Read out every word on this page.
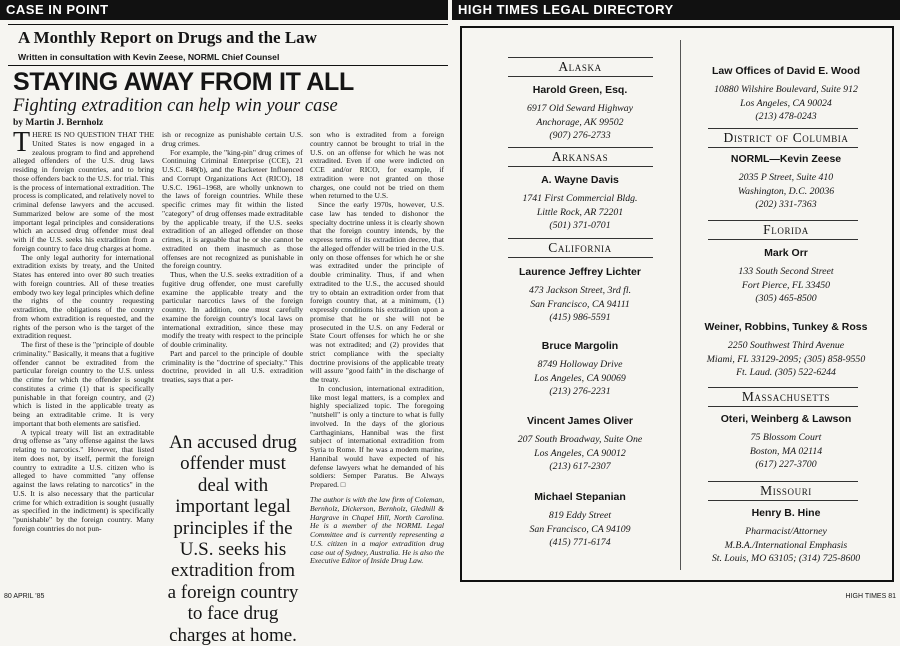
CASE IN POINT	HIGH TIMES LEGAL DIRECTORY
A Monthly Report on Drugs and the Law
Written in consultation with Kevin Zeese, NORML Chief Counsel
STAYING AWAY FROM IT ALL
Fighting extradition can help win your case
by Martin J. Bernholz

THERE IS NO QUESTION THAT THE United States is now engaged in a zealous program to find and apprehend alleged offenders of the U.S. drug laws residing in foreign countries, and to bring those offenders back to the U.S. for trial. This is the process of international extradition. The process is complicated, and relatively novel to criminal defense lawyers and the accused. Summarized below are some of the most important legal principles and considerations which an accused drug offender must deal with if the U.S. seeks his extradition from a foreign country to face drug charges at home.

The only legal authority for international extradition exists by treaty, and the United States has entered into over 80 such treaties with foreign countries. All of these treaties embody two key legal principles which define the rights of the country requesting extradition, the obligations of the country from whom extradition is requested, and the rights of the person who is the target of the extradition request.

The first of these is the "principle of double criminality." Basically, it means that a fugitive offender cannot be extradited from the particular foreign country to the U.S. unless the crime for which the offender is sought constitutes a crime (1) that is specifically punishable in that foreign country, and (2) which is listed in the applicable treaty as being an extraditable crime. It is very important that both elements are satisfied.

A typical treaty will list an extraditable drug offense as "any offense against the laws relating to narcotics." However, that listed item does not, by itself, permit the foreign country to extradite a U.S. citizen who is alleged to have committed "any offense against the laws relating to narcotics" in the U.S. It is also necessary that the particular crime for which extradition is sought (usually as specified in the indictment) is specifically "punishable" by the foreign country. Many foreign countries do not pun-

ish or recognize as punishable certain U.S. drug crimes.

For example, the "king-pin" drug crimes of Continuing Criminal Enterprise (CCE), 21 U.S.C. 848(b), and the Racketeer Influenced and Corrupt Organizations Act (RICO), 18 U.S.C. 1961–1968, are wholly unknown to the laws of foreign countries. While these specific crimes may fit within the listed "category" of drug offenses made extraditable by the applicable treaty, if the U.S. seeks extradition of an alleged offender on those crimes, it is arguable that he or she cannot be extradited on them inasmuch as those offenses are not recognized as punishable in the foreign country.

Thus, when the U.S. seeks extradition of a fugitive drug offender, one must carefully examine the applicable treaty and the particular narcotics laws of the foreign country. In addition, one must carefully examine the foreign country's local laws on international extradition, since these may modify the treaty with respect to the principle of double criminality.

Part and parcel to the principle of double criminality is the "doctrine of specialty." This doctrine, provided in all U.S. extradition treaties, says that a per-

An accused drug offender must deal with important legal principles if the U.S. seeks his extradition from a foreign country to face drug charges at home.

son who is extradited from a foreign country cannot be brought to trial in the U.S. on an offense for which he was not extradited. Even if one were indicted on CCE and/or RICO, for example, if extradition were not granted on those charges, one could not be tried on them when returned to the U.S.

Since the early 1970s, however, U.S. case law has tended to dishonor the specialty doctrine unless it is clearly shown that the foreign country intends, by the express terms of its extradition decree, that the alleged offender will be tried in the U.S. only on those offenses for which he or she was extradited under the principle of double criminality. Thus, if and when extradited to the U.S., the accused should try to obtain an extradition order from that foreign country that, at a minimum, (1) expressly conditions his extradition upon a promise that he or she will not be prosecuted in the U.S. on any Federal or State Court offenses for which he or she was not extradited; and (2) provides that strict compliance with the specialty doctrine provisions of the applicable treaty will assure "good faith" in the discharge of the treaty.

In conclusion, international extradition, like most legal matters, is a complex and highly specialized topic. The foregoing "nutshell" is only a tincture to what is fully involved. In the days of the glorious Carthaginians, Hannibal was the first subject of international extradition from Syria to Rome. If he was a modern marine, Hannibal would have expected of his defense lawyers what he demanded of his soldiers: Semper Paratus. Be Always Prepared. □

The author is with the law firm of Coleman, Bernholz, Dickerson, Bernholz, Gledhill & Hargrave in Chapel Hill, North Carolina. He is a member of the NORML Legal Committee and is currently representing a U.S. citizen in a major extradition drug case out of Sydney, Australia. He is also the Executive Editor of Inside Drug Law.

80 APRIL '85
Alaska
Harold Green, Esq.
6917 Old Seward Highway
Anchorage, AK 99502
(907) 276-2733
Arkansas
A. Wayne Davis
1741 First Commercial Bldg.
Little Rock, AR 72201
(501) 371-0701
California
Laurence Jeffrey Lichter
473 Jackson Street, 3rd fl.
San Francisco, CA 94111
(415) 986-5591
Bruce Margolin
8749 Holloway Drive
Los Angeles, CA 90069
(213) 276-2231
Vincent James Oliver
207 South Broadway, Suite One
Los Angeles, CA 90012
(213) 617-2307
Michael Stepanian
819 Eddy Street
San Francisco, CA 94109
(415) 771-6174
Law Offices of David E. Wood
10880 Wilshire Boulevard, Suite 912
Los Angeles, CA 90024
(213) 478-0243
District of Columbia
NORML—Kevin Zeese
2035 P Street, Suite 410
Washington, D.C. 20036
(202) 331-7363
Florida
Mark Orr
133 South Second Street
Fort Pierce, FL 33450
(305) 465-8500
Weiner, Robbins, Tunkey & Ross
2250 Southwest Third Avenue
Miami, FL 33129-2095; (305) 858-9550
Ft. Laud. (305) 522-6244
Massachusetts
Oteri, Weinberg & Lawson
75 Blossom Court
Boston, MA 02114
(617) 227-3700
Missouri
Henry B. Hine
Pharmacist/Attorney
M.B.A./International Emphasis
St. Louis, MO 63105; (314) 725-8600
HIGH TIMES 81
